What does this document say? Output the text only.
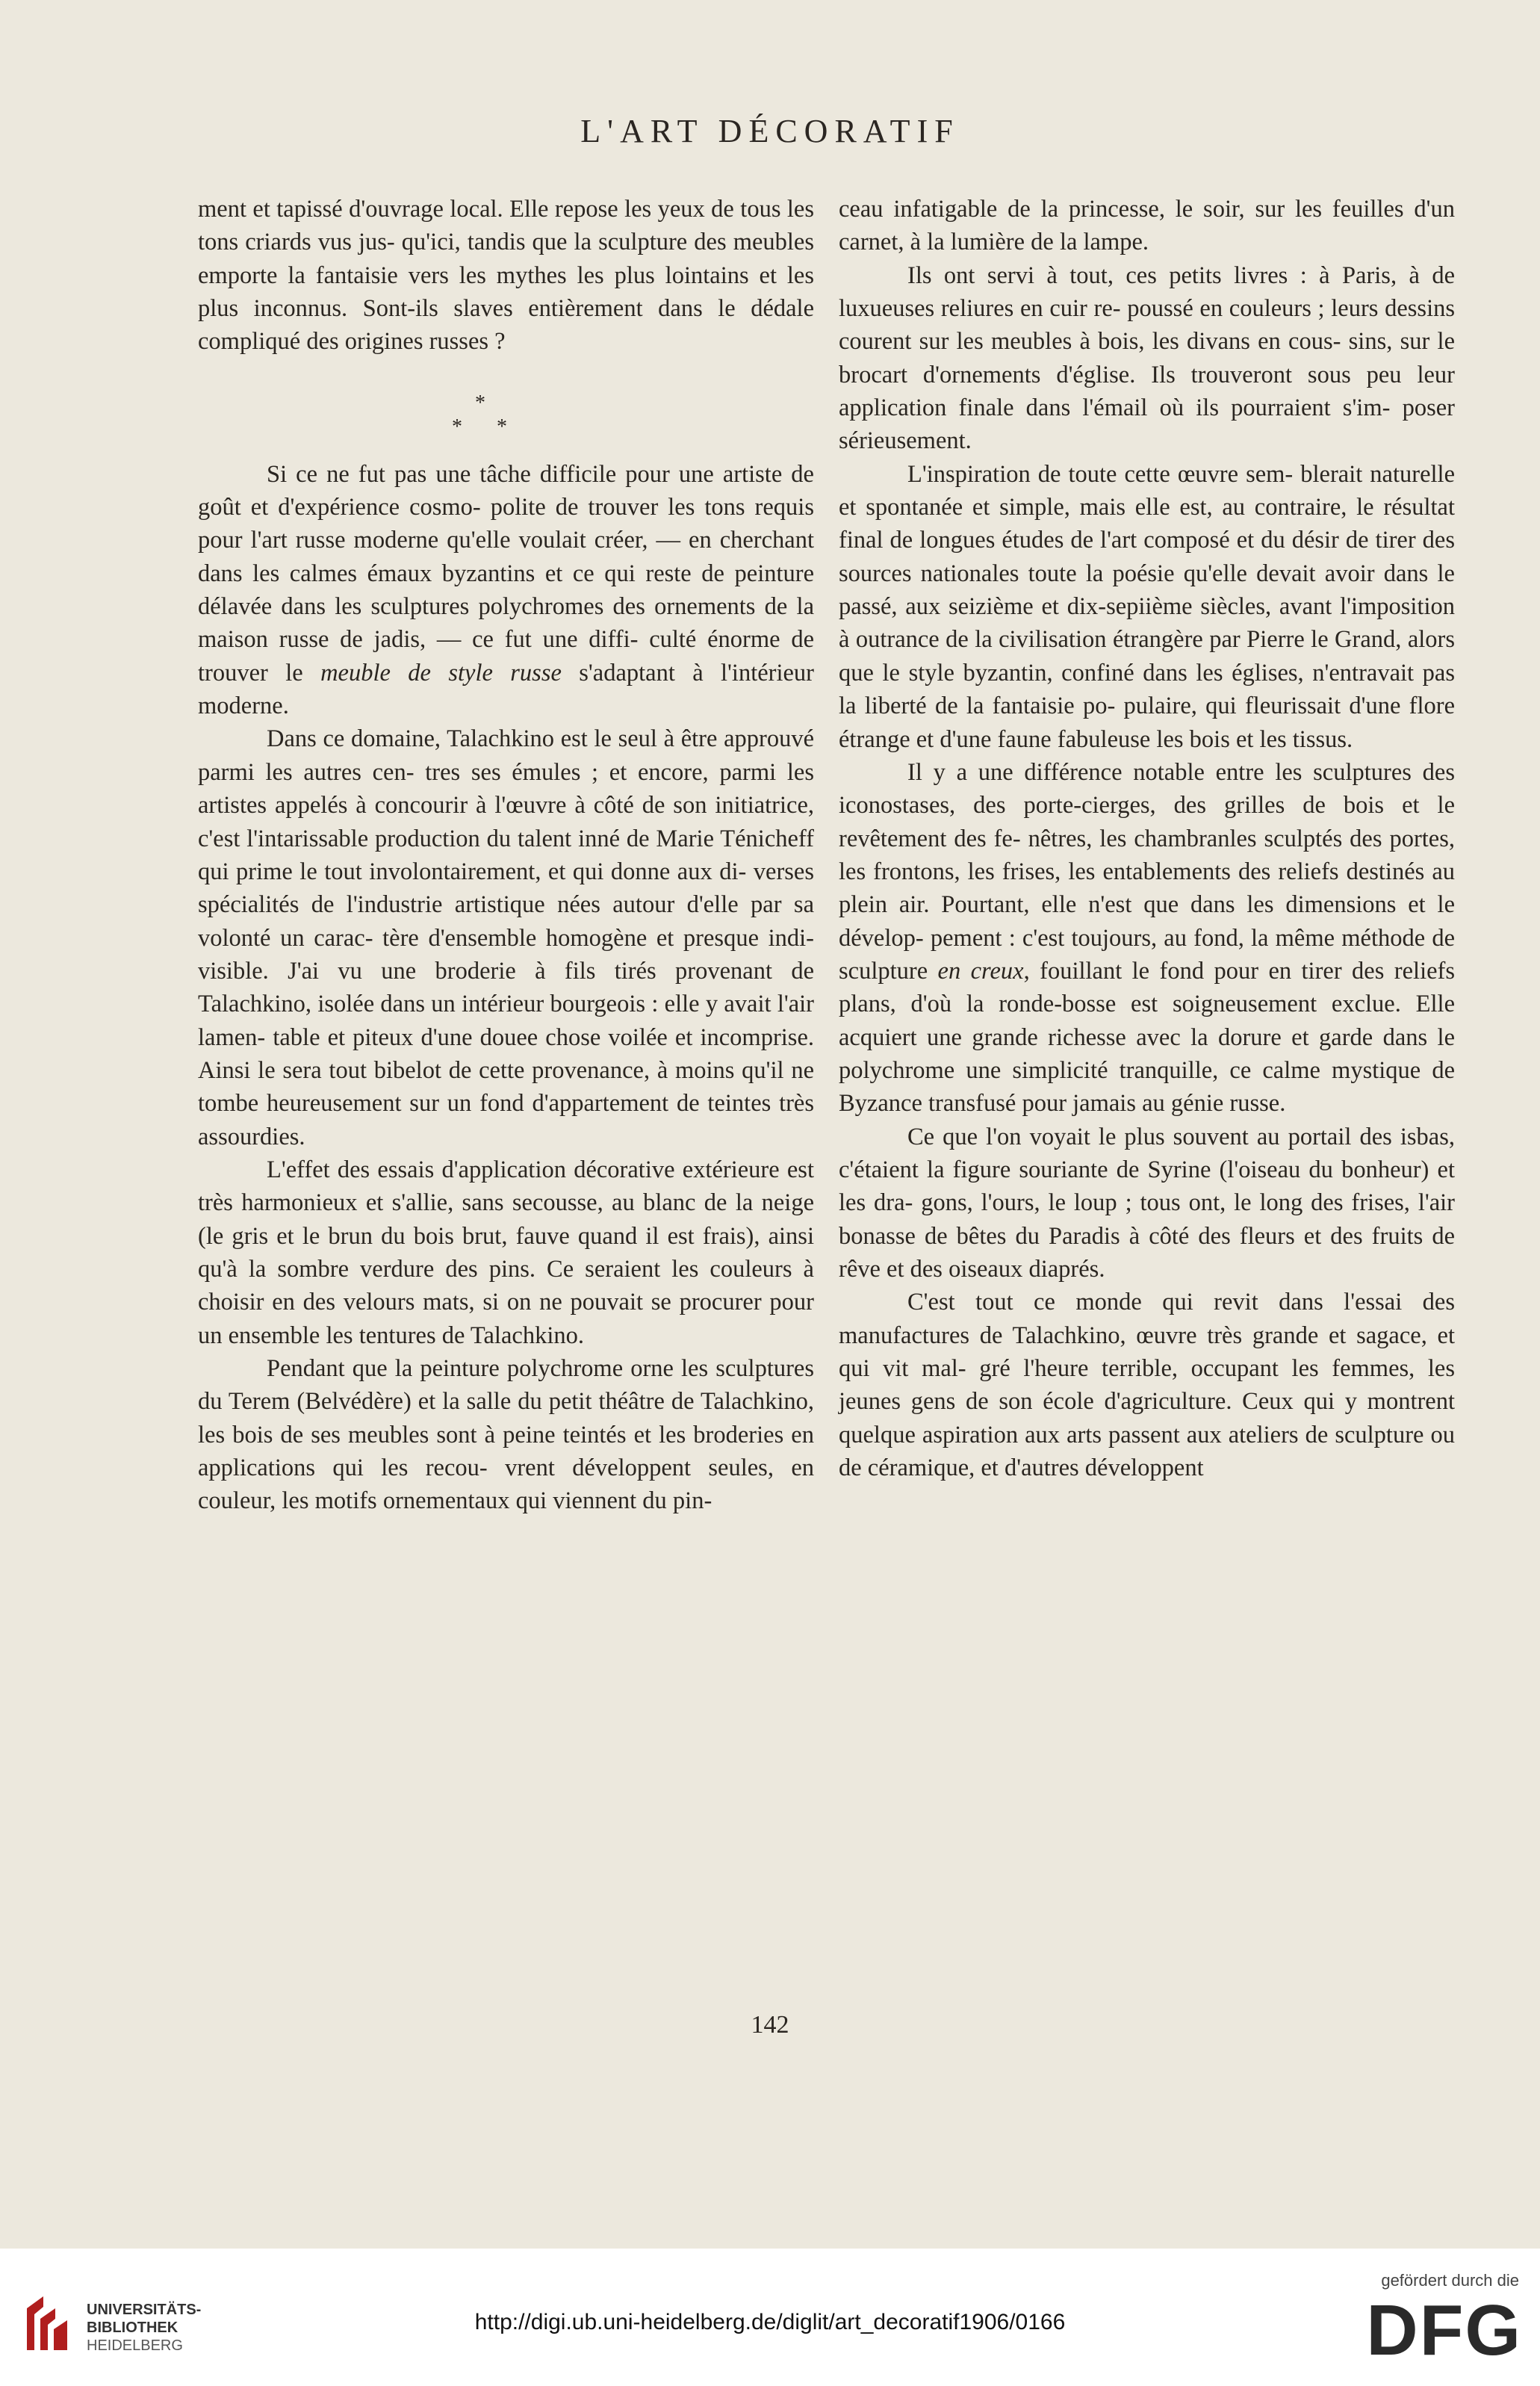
L'ART DÉCORATIF

ment et tapissé d'ouvrage local. Elle repose les yeux de tous les tons criards vus jus- qu'ici, tandis que la sculpture des meubles emporte la fantaisie vers les mythes les plus lointains et les plus inconnus. Sont-ils slaves entièrement dans le dédale compliqué des origines russes ?

*
* *

Si ce ne fut pas une tâche difficile pour une artiste de goût et d'expérience cosmo- polite de trouver les tons requis pour l'art russe moderne qu'elle voulait créer, — en cherchant dans les calmes émaux byzantins et ce qui reste de peinture délavée dans les sculptures polychromes des ornements de la maison russe de jadis, — ce fut une diffi- culté énorme de trouver le meuble de style russe s'adaptant à l'intérieur moderne.

Dans ce domaine, Talachkino est le seul à être approuvé parmi les autres cen- tres ses émules ; et encore, parmi les artistes appelés à concourir à l'œuvre à côté de son initiatrice, c'est l'intarissable production du talent inné de Marie Ténicheff qui prime le tout involontairement, et qui donne aux di- verses spécialités de l'industrie artistique nées autour d'elle par sa volonté un carac- tère d'ensemble homogène et presque indi- visible. J'ai vu une broderie à fils tirés provenant de Talachkino, isolée dans un intérieur bourgeois : elle y avait l'air lamen- table et piteux d'une douee chose voilée et incomprise. Ainsi le sera tout bibelot de cette provenance, à moins qu'il ne tombe heureusement sur un fond d'appartement de teintes très assourdies.

L'effet des essais d'application décorative extérieure est très harmonieux et s'allie, sans secousse, au blanc de la neige (le gris et le brun du bois brut, fauve quand il est frais), ainsi qu'à la sombre verdure des pins. Ce seraient les couleurs à choisir en des velours mats, si on ne pouvait se procurer pour un ensemble les tentures de Talachkino.

Pendant que la peinture polychrome orne les sculptures du Terem (Belvédère) et la salle du petit théâtre de Talachkino, les bois de ses meubles sont à peine teintés et les broderies en applications qui les recou- vrent développent seules, en couleur, les motifs ornementaux qui viennent du pin-

ceau infatigable de la princesse, le soir, sur les feuilles d'un carnet, à la lumière de la lampe.

Ils ont servi à tout, ces petits livres : à Paris, à de luxueuses reliures en cuir re- poussé en couleurs ; leurs dessins courent sur les meubles à bois, les divans en cous- sins, sur le brocart d'ornements d'église. Ils trouveront sous peu leur application finale dans l'émail où ils pourraient s'im- poser sérieusement.

L'inspiration de toute cette œuvre sem- blerait naturelle et spontanée et simple, mais elle est, au contraire, le résultat final de longues études de l'art composé et du désir de tirer des sources nationales toute la poésie qu'elle devait avoir dans le passé, aux seizième et dix-sepiième siècles, avant l'imposition à outrance de la civilisation étrangère par Pierre le Grand, alors que le style byzantin, confiné dans les églises, n'entravait pas la liberté de la fantaisie po- pulaire, qui fleurissait d'une flore étrange et d'une faune fabuleuse les bois et les tissus.

Il y a une différence notable entre les sculptures des iconostases, des porte-cierges, des grilles de bois et le revêtement des fe- nêtres, les chambranles sculptés des portes, les frontons, les frises, les entablements des reliefs destinés au plein air. Pourtant, elle n'est que dans les dimensions et le dévelop- pement : c'est toujours, au fond, la même méthode de sculpture en creux, fouillant le fond pour en tirer des reliefs plans, d'où la ronde-bosse est soigneusement exclue. Elle acquiert une grande richesse avec la dorure et garde dans le polychrome une simplicité tranquille, ce calme mystique de Byzance transfusé pour jamais au génie russe.

Ce que l'on voyait le plus souvent au portail des isbas, c'étaient la figure souriante de Syrine (l'oiseau du bonheur) et les dra- gons, l'ours, le loup ; tous ont, le long des frises, l'air bonasse de bêtes du Paradis à côté des fleurs et des fruits de rêve et des oiseaux diaprés.

C'est tout ce monde qui revit dans l'essai des manufactures de Talachkino, œuvre très grande et sagace, et qui vit mal- gré l'heure terrible, occupant les femmes, les jeunes gens de son école d'agriculture. Ceux qui y montrent quelque aspiration aux arts passent aux ateliers de sculpture ou de céramique, et d'autres développent

142
UNIVERSITÄTS-
BIBLIOTHEK
HEIDELBERG
http://digi.ub.uni-heidelberg.de/diglit/art_decoratif1906/0166
gefördert durch die
DFG
